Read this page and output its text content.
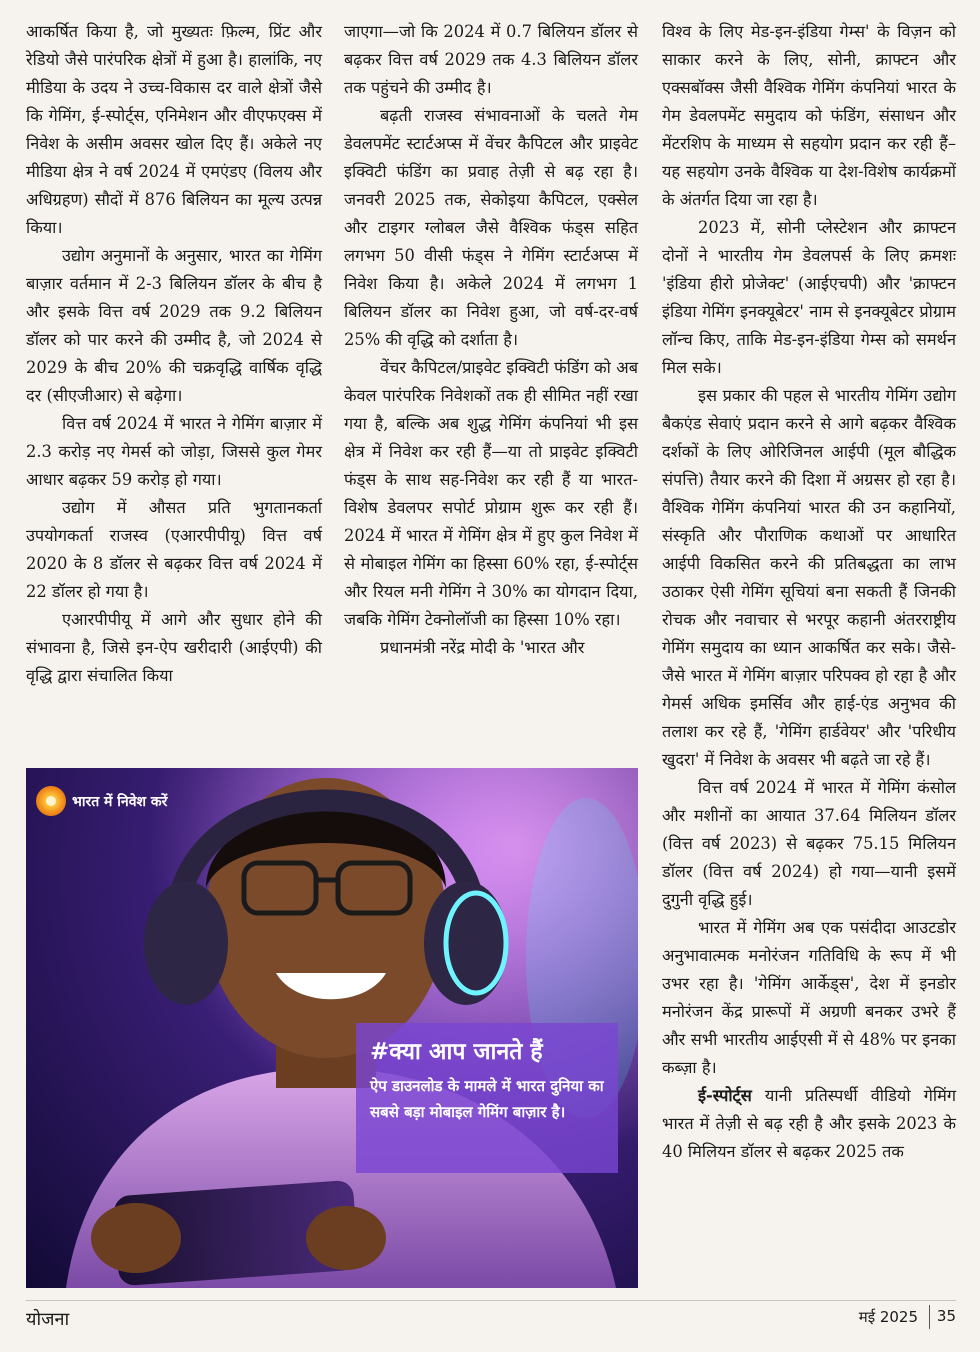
आकर्षित किया है, जो मुख्यतः फ़िल्म, प्रिंट और रेडियो जैसे पारंपरिक क्षेत्रों में हुआ है। हालांकि, नए मीडिया के उदय ने उच्च-विकास दर वाले क्षेत्रों जैसे कि गेमिंग, ई-स्पोर्ट्स, एनिमेशन और वीएफएक्स में निवेश के असीम अवसर खोल दिए हैं। अकेले नए मीडिया क्षेत्र ने वर्ष 2024 में एमएंडए (विलय और अधिग्रहण) सौदों में 876 बिलियन का मूल्य उत्पन्न किया।

उद्योग अनुमानों के अनुसार, भारत का गेमिंग बाज़ार वर्तमान में 2-3 बिलियन डॉलर के बीच है और इसके वित्त वर्ष 2029 तक 9.2 बिलियन डॉलर को पार करने की उम्मीद है, जो 2024 से 2029 के बीच 20% की चक्रवृद्धि वार्षिक वृद्धि दर (सीएजीआर) से बढ़ेगा।

वित्त वर्ष 2024 में भारत ने गेमिंग बाज़ार में 2.3 करोड़ नए गेमर्स को जोड़ा, जिससे कुल गेमर आधार बढ़कर 59 करोड़ हो गया।

उद्योग में औसत प्रति भुगतानकर्ता उपयोगकर्ता राजस्व (एआरपीपीयू) वित्त वर्ष 2020 के 8 डॉलर से बढ़कर वित्त वर्ष 2024 में 22 डॉलर हो गया है।

एआरपीपीयू में आगे और सुधार होने की संभावना है, जिसे इन-ऐप खरीदारी (आईएपी) की वृद्धि द्वारा संचालित किया

जाएगा—जो कि 2024 में 0.7 बिलियन डॉलर से बढ़कर वित्त वर्ष 2029 तक 4.3 बिलियन डॉलर तक पहुंचने की उम्मीद है।

बढ़ती राजस्व संभावनाओं के चलते गेम डेवलपमेंट स्टार्टअप्स में वेंचर कैपिटल और प्राइवेट इक्विटी फंडिंग का प्रवाह तेज़ी से बढ़ रहा है। जनवरी 2025 तक, सेकोइया कैपिटल, एक्सेल और टाइगर ग्लोबल जैसे वैश्विक फंड्स सहित लगभग 50 वीसी फंड्स ने गेमिंग स्टार्टअप्स में निवेश किया है। अकेले 2024 में लगभग 1 बिलियन डॉलर का निवेश हुआ, जो वर्ष-दर-वर्ष 25% की वृद्धि को दर्शाता है।

वेंचर कैपिटल/प्राइवेट इक्विटी फंडिंग को अब केवल पारंपरिक निवेशकों तक ही सीमित नहीं रखा गया है, बल्कि अब शुद्ध गेमिंग कंपनियां भी इस क्षेत्र में निवेश कर रही हैं—या तो प्राइवेट इक्विटी फंड्स के साथ सह-निवेश कर रही हैं या भारत-विशेष डेवलपर सपोर्ट प्रोग्राम शुरू कर रही हैं। 2024 में भारत में गेमिंग क्षेत्र में हुए कुल निवेश में से मोबाइल गेमिंग का हिस्सा 60% रहा, ई-स्पोर्ट्स और रियल मनी गेमिंग ने 30% का योगदान दिया, जबकि गेमिंग टेक्नोलॉजी का हिस्सा 10% रहा।

प्रधानमंत्री नरेंद्र मोदी के 'भारत और

विश्व के लिए मेड-इन-इंडिया गेम्स' के विज़न को साकार करने के लिए, सोनी, क्राफ्टन और एक्सबॉक्स जैसी वैश्विक गेमिंग कंपनियां भारत के गेम डेवलपमेंट समुदाय को फंडिंग, संसाधन और मेंटरशिप के माध्यम से सहयोग प्रदान कर रही हैं– यह सहयोग उनके वैश्विक या देश-विशेष कार्यक्रमों के अंतर्गत दिया जा रहा है।

2023 में, सोनी प्लेस्टेशन और क्राफ्टन दोनों ने भारतीय गेम डेवलपर्स के लिए क्रमशः 'इंडिया हीरो प्रोजेक्ट' (आईएचपी) और 'क्राफ्टन इंडिया गेमिंग इनक्यूबेटर' नाम से इनक्यूबेटर प्रोग्राम लॉन्च किए, ताकि मेड-इन-इंडिया गेम्स को समर्थन मिल सके।

इस प्रकार की पहल से भारतीय गेमिंग उद्योग बैकएंड सेवाएं प्रदान करने से आगे बढ़कर वैश्विक दर्शकों के लिए ओरिजिनल आईपी (मूल बौद्धिक संपत्ति) तैयार करने की दिशा में अग्रसर हो रहा है। वैश्विक गेमिंग कंपनियां भारत की उन कहानियों, संस्कृति और पौराणिक कथाओं पर आधारित आईपी विकसित करने की प्रतिबद्धता का लाभ उठाकर ऐसी गेमिंग सूचियां बना सकती हैं जिनकी रोचक और नवाचार से भरपूर कहानी अंतरराष्ट्रीय गेमिंग समुदाय का ध्यान आकर्षित कर सके। जैसे-जैसे भारत में गेमिंग बाज़ार परिपक्व हो रहा है और गेमर्स अधिक इमर्सिव और हाई-एंड अनुभव की तलाश कर रहे हैं, 'गेमिंग हार्डवेयर' और 'परिधीय खुदरा' में निवेश के अवसर भी बढ़ते जा रहे हैं।

वित्त वर्ष 2024 में भारत में गेमिंग कंसोल और मशीनों का आयात 37.64 मिलियन डॉलर (वित्त वर्ष 2023) से बढ़कर 75.15 मिलियन डॉलर (वित्त वर्ष 2024) हो गया—यानी इसमें दुगुनी वृद्धि हुई।

भारत में गेमिंग अब एक पसंदीदा आउटडोर अनुभावात्मक मनोरंजन गतिविधि के रूप में भी उभर रहा है। 'गेमिंग आर्केड्स', देश में इनडोर मनोरंजन केंद्र प्रारूपों में अग्रणी बनकर उभरे हैं और सभी भारतीय आईएसी में से 48% पर इनका कब्ज़ा है।

ई-स्पोर्ट्स यानी प्रतिस्पर्धी वीडियो गेमिंग भारत में तेज़ी से बढ़ रही है और इसके 2023 के 40 मिलियन डॉलर से बढ़कर 2025 तक

भारत में निवेश करें
#क्या आप जानते हैं
ऐप डाउनलोड के मामले में भारत दुनिया का सबसे बड़ा मोबाइल गेमिंग बाज़ार है।
योजना	मई 2025 35
